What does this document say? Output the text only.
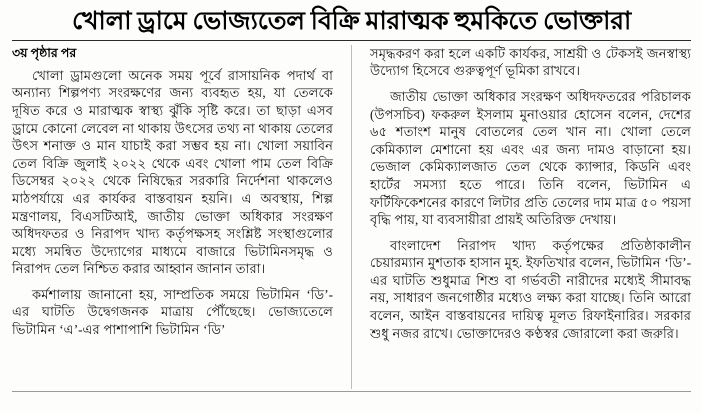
খোলা ড্রামে ভোজ্যতেল বিক্রি মারাত্মক হুমকিতে ভোক্তারা
৩য় পৃষ্ঠার পর

খোলা ড্রামগুলো অনেক সময় পূর্বে রাসায়নিক পদার্থ বা অন্যান্য শিল্পপণ্য সংরক্ষণের জন্য ব্যবহৃত হয়, যা তেলকে দূষিত করে ও মারাত্মক স্বাস্থ্য ঝুঁকি সৃষ্টি করে। তা ছাড়া এসব ড্রামে কোনো লেবেল না থাকায় উৎসের তথ্য না থাকায় তেলের উৎস শনাক্ত ও মান যাচাই করা সম্ভব হয় না। খোলা সয়াবিন তেল বিক্রি জুলাই ২০২২ থেকে এবং খোলা পাম তেল বিক্রি ডিসেম্বর ২০২২ থেকে নিষিদ্ধের সরকারি নির্দেশনা থাকলেও মাঠপর্যায়ে এর কার্যকর বাস্তবায়ন হয়নি। এ অবস্থায়, শিল্প মন্ত্রণালয়, বিএসটিআই, জাতীয় ভোক্তা অধিকার সংরক্ষণ অধিদফতর ও নিরাপদ খাদ্য কর্তৃপক্ষসহ সংশ্লিষ্ট সংস্থাগুলোর মধ্যে সমন্বিত উদ্যোগের মাধ্যমে বাজারে ভিটামিনসমৃদ্ধ ও নিরাপদ তেল নিশ্চিত করার আহ্বান জানান তারা।

কর্মশালায় জানানো হয়, সাম্প্রতিক সময়ে ভিটামিন ‘ডি’-এর ঘাটতি উদ্বেগজনক মাত্রায় পৌঁছেছে। ভোজ্যতেলে ভিটামিন ‘এ’-এর পাশাপাশি ভিটামিন ‘ডি’

সমৃদ্ধকরণ করা হলে একটি কার্যকর, সাশ্রয়ী ও টেকসই জনস্বাস্থ্য উদ্যোগ হিসেবে গুরুত্বপূর্ণ ভূমিকা রাখবে।

জাতীয় ভোক্তা অধিকার সংরক্ষণ অধিদফতরের পরিচালক (উপসচিব) ফকরুল ইসলাম মুনাওয়ার হোসেন বলেন, দেশের ৬৫ শতাংশ মানুষ বোতলের তেল খান না। খোলা তেলে কেমিক্যাল মেশানো হয় এবং এর জন্য দামও বাড়ানো হয়। ভেজাল কেমিক্যালজাত তেল থেকে ক্যান্সার, কিডনি এবং হার্টের সমস্যা হতে পারে। তিনি বলেন, ভিটামিন এ ফর্টিফিকেশনের কারণে লিটার প্রতি তেলের দাম মাত্র ৫০ পয়সা বৃদ্ধি পায়, যা ব্যবসায়ীরা প্রায়ই অতিরিক্ত দেখায়।

বাংলাদেশ নিরাপদ খাদ্য কর্তৃপক্ষের প্রতিষ্ঠাকালীন চেয়ারম্যান মুশতাক হাসান মুহ. ইফতিখার বলেন, ভিটামিন ‘ডি’-এর ঘাটতি শুধুমাত্র শিশু বা গর্ভবতী নারীদের মধ্যেই সীমাবদ্ধ নয়, সাধারণ জনগোষ্ঠীর মধ্যেও লক্ষ্য করা যাচ্ছে। তিনি আরো বলেন, আইন বাস্তবায়নের দায়িত্ব মূলত রিফাইনারির। সরকার শুধু নজর রাখে। ভোক্তাদেরও কণ্ঠস্বর জোরালো করা জরুরি।
